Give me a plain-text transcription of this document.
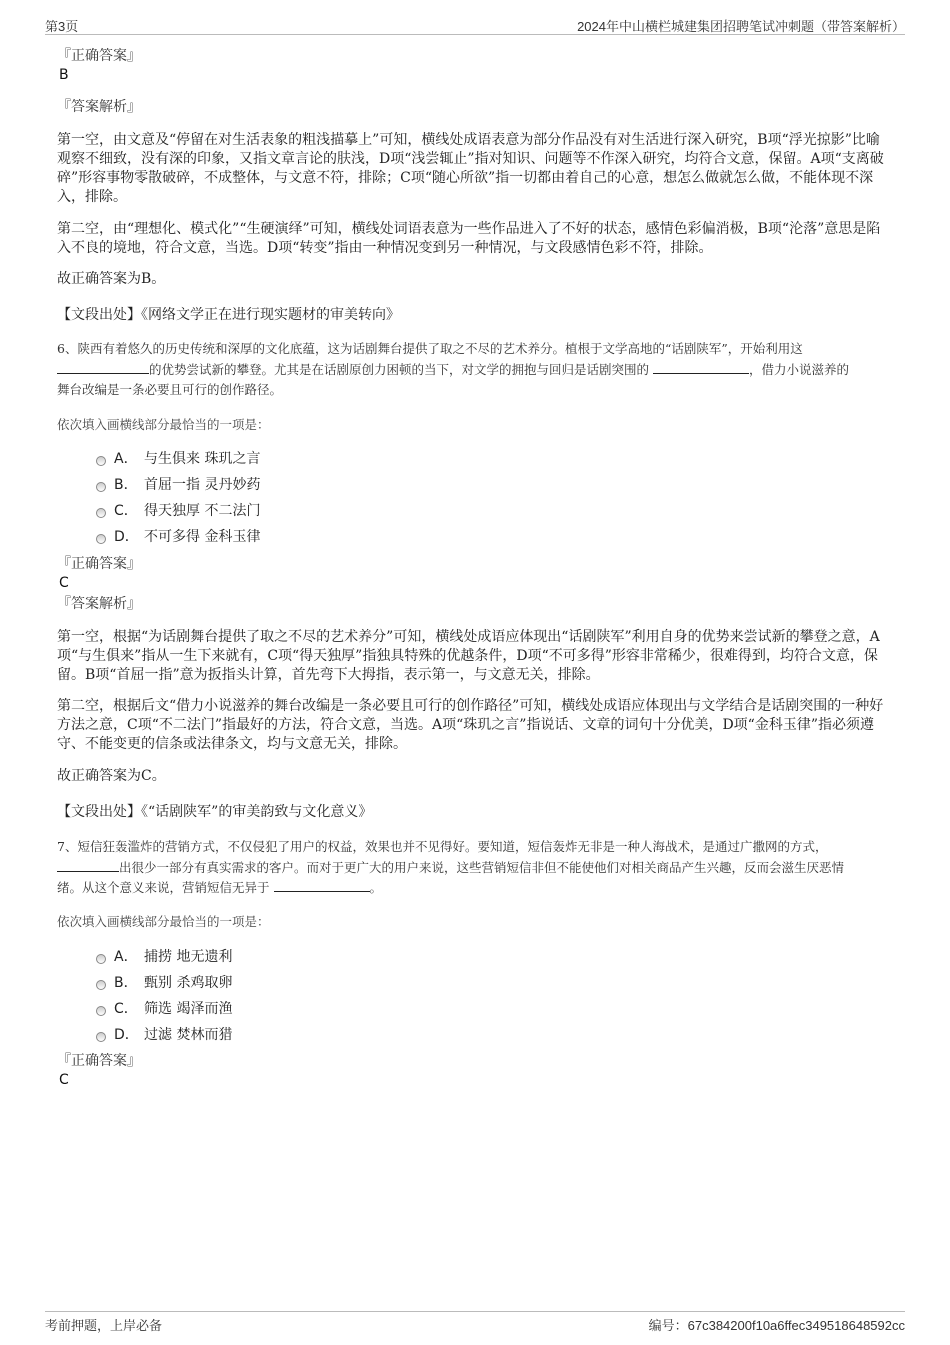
第3页	2024年中山横栏城建集团招聘笔试冲刺题（带答案解析）
『正确答案』
B
『答案解析』

第一空，由文意及“停留在对生活表象的粗浅描摹上”可知，横线处成语表意为部分作品没有对生活进行深入研究，B项“浮光掠影”比喻观察不细致，没有深的印象，又指文章言论的肤浅，D项“浅尝辄止”指对知识、问题等不作深入研究，均符合文意，保留。A项“支离破碎”形容事物零散破碎，不成整体，与文意不符，排除；C项“随心所欲”指一切都由着自己的心意，想怎么做就怎么做，不能体现不深入，排除。

第二空，由“理想化、模式化”“生硬演绎”可知，横线处词语表意为一些作品进入了不好的状态，感情色彩偏消极，B项“沦落”意思是陷入不良的境地，符合文意，当选。D项“转变”指由一种情况变到另一种情况，与文段感情色彩不符，排除。

故正确答案为B。

【文段出处】《网络文学正在进行现实题材的审美转向》

6、陕西有着悠久的历史传统和深厚的文化底蕴，这为话剧舞台提供了取之不尽的艺术养分。植根于文学高地的“话剧陕军”，开始利用这
的优势尝试新的攀登。尤其是在话剧原创力困顿的当下，对文学的拥抱与回归是话剧突围的	，借力小说滋养的
舞台改编是一条必要且可行的创作路径。

依次填入画横线部分最恰当的一项是：
A． 与生俱来 珠玑之言
B． 首屈一指 灵丹妙药
C． 得天独厚 不二法门
D． 不可多得 金科玉律
『正确答案』
C
『答案解析』

第一空，根据“为话剧舞台提供了取之不尽的艺术养分”可知，横线处成语应体现出“话剧陕军”利用自身的优势来尝试新的攀登之意，A项“与生俱来”指从一生下来就有，C项“得天独厚”指独具特殊的优越条件，D项“不可多得”形容非常稀少，很难得到，均符合文意，保留。B项“首屈一指”意为扳指头计算，首先弯下大拇指，表示第一，与文意无关，排除。

第二空，根据后文“借力小说滋养的舞台改编是一条必要且可行的创作路径”可知，横线处成语应体现出与文学结合是话剧突围的一种好方法之意，C项“不二法门”指最好的方法，符合文意，当选。A项“珠玑之言”指说话、文章的词句十分优美，D项“金科玉律”指必须遵守、不能变更的信条或法律条文，均与文意无关，排除。

故正确答案为C。

【文段出处】《“话剧陕军”的审美韵致与文化意义》

7、短信狂轰滥炸的营销方式，不仅侵犯了用户的权益，效果也并不见得好。要知道，短信轰炸无非是一种人海战术，是通过广撒网的方式，
出很少一部分有真实需求的客户。而对于更广大的用户来说，这些营销短信非但不能使他们对相关商品产生兴趣，反而会滋生厌恶情
绪。从这个意义来说，营销短信无异于	。

依次填入画横线部分最恰当的一项是：
A． 捕捞 地无遗利
B． 甄别 杀鸡取卵
C． 筛选 竭泽而渔
D． 过滤 焚林而猎
『正确答案』
C
考前押题，上岸必备	编号：67c384200f10a6ffec349518648592cc
